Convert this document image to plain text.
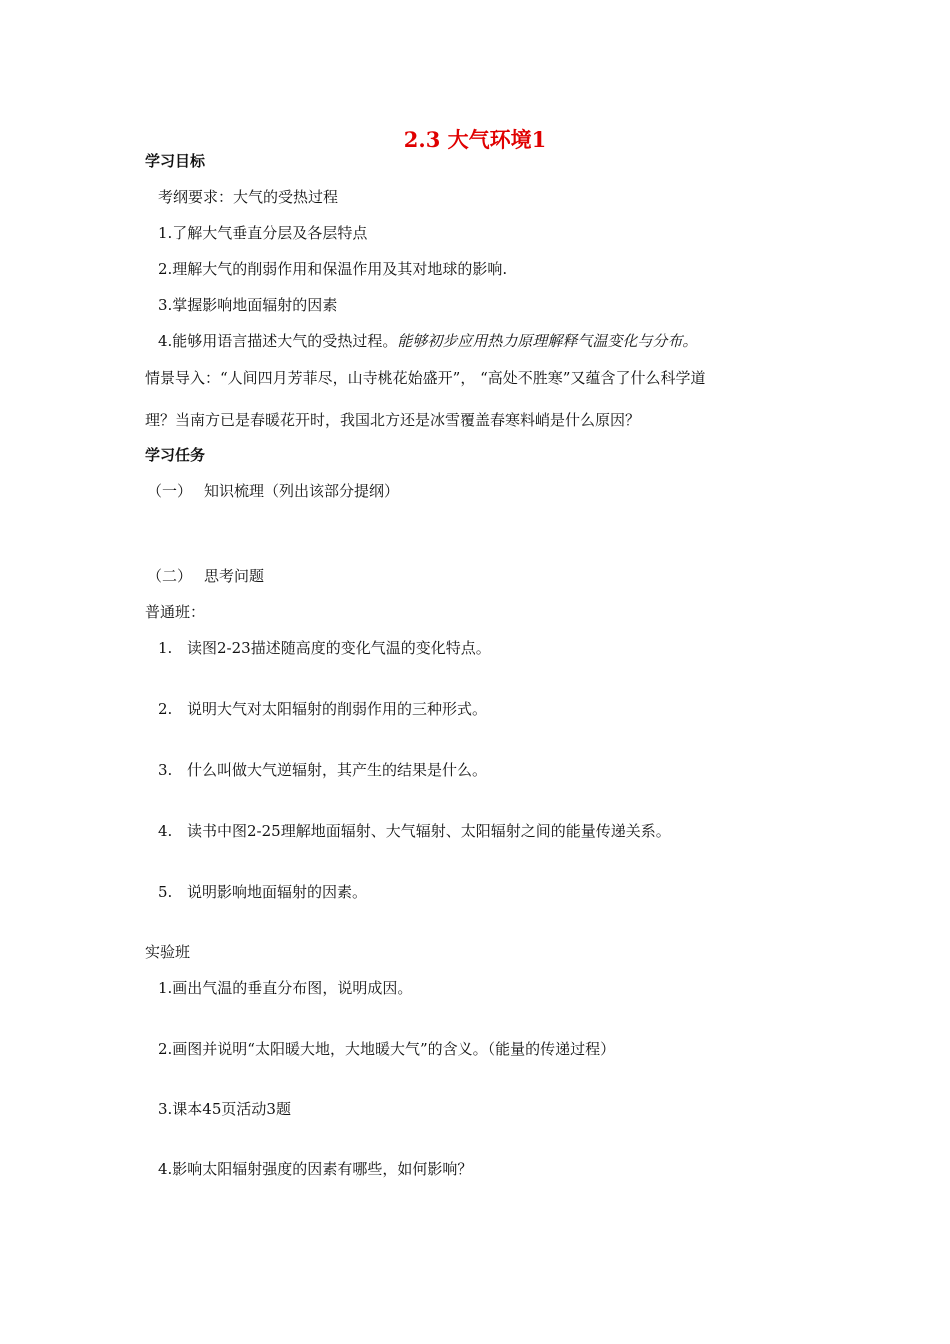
2.3 大气环境1
学习目标
考纲要求：大气的受热过程
1.了解大气垂直分层及各层特点
2.理解大气的削弱作用和保温作用及其对地球的影响.
3.掌握影响地面辐射的因素
4.能够用语言描述大气的受热过程。能够初步应用热力原理解释气温变化与分布。
情景导入：“人间四月芳菲尽，山寺桃花始盛开”， “高处不胜寒”又蕴含了什么科学道
理？当南方已是春暖花开时，我国北方还是冰雪覆盖春寒料峭是什么原因？
学习任务
（一） 知识梳理（列出该部分提纲）
（二） 思考问题
普通班：
1. 读图2-23描述随高度的变化气温的变化特点。
2. 说明大气对太阳辐射的削弱作用的三种形式。
3. 什么叫做大气逆辐射，其产生的结果是什么。
4. 读书中图2-25理解地面辐射、大气辐射、太阳辐射之间的能量传递关系。
5. 说明影响地面辐射的因素。
实验班
1.画出气温的垂直分布图，说明成因。
2.画图并说明“太阳暖大地，大地暖大气”的含义。（能量的传递过程）
3.课本45页活动3题
4.影响太阳辐射强度的因素有哪些，如何影响？
